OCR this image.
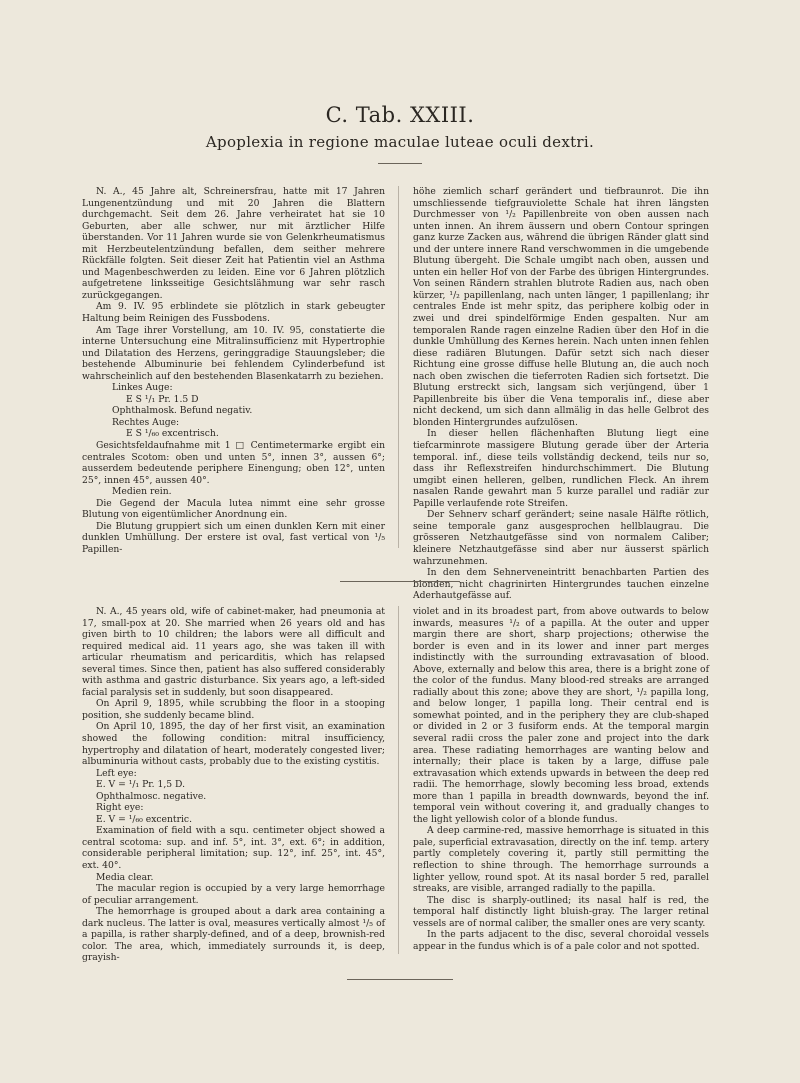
C. Tab. XXIII.
Apoplexia in regione maculae luteae oculi dextri.

N. A., 45 Jahre alt, Schreinersfrau, hatte mit 17 Jahren Lungenentzündung und mit 20 Jahren die Blattern durchgemacht. Seit dem 26. Jahre verheiratet hat sie 10 Geburten, aber alle schwer, nur mit ärztlicher Hilfe überstanden. Vor 11 Jahren wurde sie von Gelenkrheumatismus mit Herzbeutelentzündung befallen, dem seither mehrere Rückfälle folgten. Seit dieser Zeit hat Patientin viel an Asthma und Magenbeschwerden zu leiden. Eine vor 6 Jahren plötzlich aufgetretene linksseitige Gesichtslähmung war sehr rasch zurückgegangen.

Am 9. IV. 95 erblindete sie plötzlich in stark gebeugter Haltung beim Reinigen des Fussbodens.

Am Tage ihrer Vorstellung, am 10. IV. 95, constatierte die interne Untersuchung eine Mitralinsufficienz mit Hypertrophie und Dilatation des Herzens, geringgradige Stauungsleber; die bestehende Albuminurie bei fehlendem Cylinderbefund ist wahrscheinlich auf den bestehenden Blasenkatarrh zu beziehen.

Linkes Auge:

E S ¹/₁ Pr. 1.5 D

Ophthalmosk. Befund negativ.

Rechtes Auge:

E S ¹/₆₀ excentrisch.

Gesichtsfeldaufnahme mit 1 □ Centimetermarke ergibt ein centrales Scotom: oben und unten 5°, innen 3°, aussen 6°; ausserdem bedeutende periphere Einengung; oben 12°, unten 25°, innen 45°, aussen 40°.

Medien rein.

Die Gegend der Macula lutea nimmt eine sehr grosse Blutung von eigentümlicher Anordnung ein.

Die Blutung gruppiert sich um einen dunklen Kern mit einer dunklen Umhüllung. Der erstere ist oval, fast vertical von ¹/₅ Papillen-

höhe ziemlich scharf gerändert und tiefbraunrot. Die ihn umschliessende tiefgrauviolette Schale hat ihren längsten Durchmesser von ¹/₂ Papillenbreite von oben aussen nach unten innen. An ihrem äussern und obern Contour springen ganz kurze Zacken aus, während die übrigen Ränder glatt sind und der untere innere Rand verschwommen in die umgebende Blutung übergeht. Die Schale umgibt nach oben, aussen und unten ein heller Hof von der Farbe des übrigen Hintergrundes. Von seinen Rändern strahlen blutrote Radien aus, nach oben kürzer, ¹/₂ papillenlang, nach unten länger, 1 papillenlang; ihr centrales Ende ist mehr spitz, das periphere kolbig oder in zwei und drei spindelförmige Enden gespalten. Nur am temporalen Rande ragen einzelne Radien über den Hof in die dunkle Umhüllung des Kernes herein. Nach unten innen fehlen diese radiären Blutungen. Dafür setzt sich nach dieser Richtung eine grosse diffuse helle Blutung an, die auch noch nach oben zwischen die tieferroten Radien sich fortsetzt. Die Blutung erstreckt sich, langsam sich verjüngend, über 1 Papillenbreite bis über die Vena temporalis inf., diese aber nicht deckend, um sich dann allmälig in das helle Gelbrot des blonden Hintergrundes aufzulösen.

In dieser hellen flächenhaften Blutung liegt eine tiefcarminrote massigere Blutung gerade über der Arteria temporal. inf., diese teils vollständig deckend, teils nur so, dass ihr Reflexstreifen hindurchschimmert. Die Blutung umgibt einen helleren, gelben, rundlichen Fleck. An ihrem nasalen Rande gewahrt man 5 kurze parallel und radiär zur Papille verlaufende rote Streifen.

Der Sehnerv scharf gerändert; seine nasale Hälfte rötlich, seine temporale ganz ausgesprochen hellblaugrau. Die grösseren Netzhautgefässe sind von normalem Caliber; kleinere Netzhautgefässe sind aber nur äusserst spärlich wahrzunehmen.

In den dem Sehnerveneintritt benachbarten Partien des blonden, nicht chagrinirten Hintergrundes tauchen einzelne Aderhautgefässe auf.

N. A., 45 years old, wife of cabinet-maker, had pneumonia at 17, small-pox at 20. She married when 26 years old and has given birth to 10 children; the labors were all difficult and required medical aid. 11 years ago, she was taken ill with articular rheumatism and pericarditis, which has relapsed several times. Since then, patient has also suffered considerably with asthma and gastric disturbance. Six years ago, a left-sided facial paralysis set in suddenly, but soon disappeared.

On April 9, 1895, while scrubbing the floor in a stooping position, she suddenly became blind.

On April 10, 1895, the day of her first visit, an examination showed the following condition: mitral insufficiency, hypertrophy and dilatation of heart, moderately congested liver; albuminuria without casts, probably due to the existing cystitis.

Left eye:

E. V = ¹/₁ Pr. 1,5 D.

Ophthalmosc. negative.

Right eye:

E. V = ¹/₆₀ excentric.

Examination of field with a squ. centimeter object showed a central scotoma: sup. and inf. 5°, int. 3°, ext. 6°; in addition, considerable peripheral limitation; sup. 12°, inf. 25°, int. 45°, ext. 40°.

Media clear.

The macular region is occupied by a very large hemorrhage of peculiar arrangement.

The hemorrhage is grouped about a dark area containing a dark nucleus. The latter is oval, measures vertically almost ¹/₅ of a papilla, is rather sharply-defined, and of a deep, brownish-red color. The area, which, immediately surrounds it, is deep, grayish-

violet and in its broadest part, from above outwards to below inwards, measures ¹/₂ of a papilla. At the outer and upper margin there are short, sharp projections; otherwise the border is even and in its lower and inner part merges indistinctly with the surrounding extravasation of blood. Above, externally and below this area, there is a bright zone of the color of the fundus. Many blood-red streaks are arranged radially about this zone; above they are short, ¹/₂ papilla long, and below longer, 1 papilla long. Their central end is somewhat pointed, and in the periphery they are club-shaped or divided in 2 or 3 fusiform ends. At the temporal margin several radii cross the paler zone and project into the dark area. These radiating hemorrhages are wanting below and internally; their place is taken by a large, diffuse pale extravasation which extends upwards in between the deep red radii. The hemorrhage, slowly becoming less broad, extends more than 1 papilla in breadth downwards, beyond the inf. temporal vein without covering it, and gradually changes to the light yellowish color of a blonde fundus.

A deep carmine-red, massive hemorrhage is situated in this pale, superficial extravasation, directly on the inf. temp. artery partly completely covering it, partly still permitting the reflection to shine through. The hemorrhage surrounds a lighter yellow, round spot. At its nasal border 5 red, parallel streaks, are visible, arranged radially to the papilla.

The disc is sharply-outlined; its nasal half is red, the temporal half distinctly light bluish-gray. The larger retinal vessels are of normal caliber, the smaller ones are very scanty.

In the parts adjacent to the disc, several choroidal vessels appear in the fundus which is of a pale color and not spotted.
